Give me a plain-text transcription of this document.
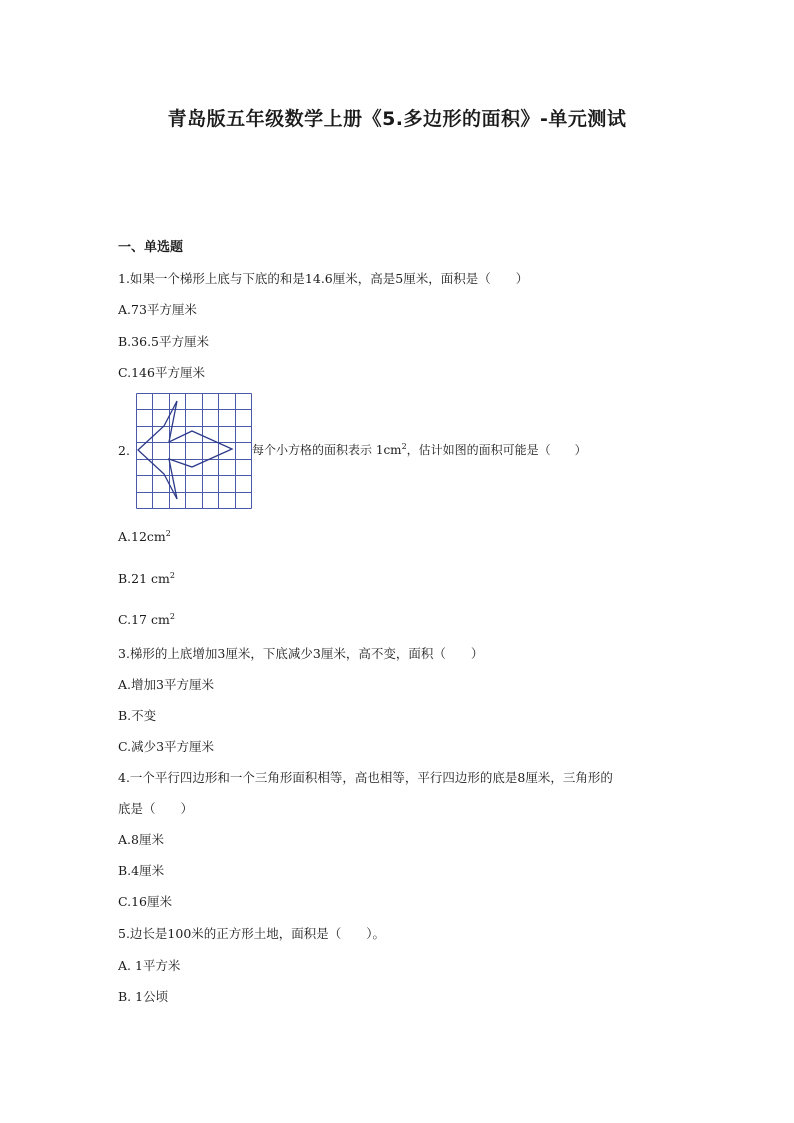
青岛版五年级数学上册《5.多边形的面积》-单元测试
一、单选题
1.如果一个梯形上底与下底的和是14.6厘米，高是5厘米，面积是（　　）
A.73平方厘米
B.36.5平方厘米
C.146平方厘米
2.	每个小方格的面积表示 $1cm^2$，估计如图的面积可能是（　　）
$A.12cm^2$
B.21 $cm^2$
C.17 $cm^2$
3.梯形的上底增加3厘米，下底减少3厘米，高不变，面积（　　）
A.增加3平方厘米
B.不变
C.减少3平方厘米
4.一个平行四边形和一个三角形面积相等，高也相等，平行四边形的底是8厘米，三角形的
底是（　　）
A.8厘米
B.4厘米
C.16厘米
5.边长是100米的正方形土地，面积是（　　）。
A. 1平方米
B. 1公顷
